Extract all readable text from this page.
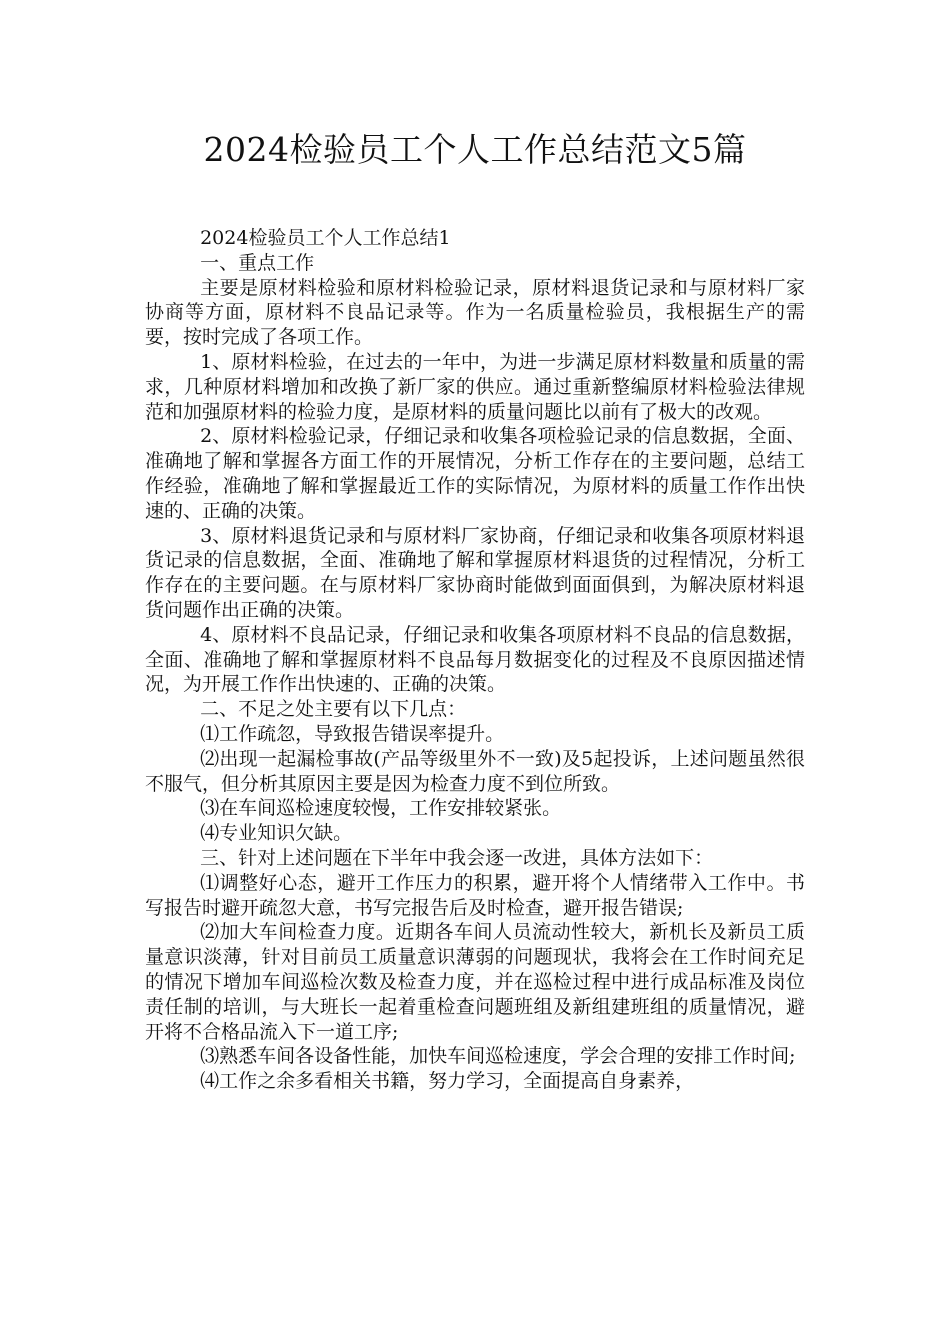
2024检验员工个人工作总结范文5篇

2024检验员工个人工作总结1

一、重点工作

主要是原材料检验和原材料检验记录，原材料退货记录和与原材料厂家协商等方面，原材料不良品记录等。作为一名质量检验员，我根据生产的需要，按时完成了各项工作。

1、原材料检验，在过去的一年中，为进一步满足原材料数量和质量的需求，几种原材料增加和改换了新厂家的供应。通过重新整编原材料检验法律规范和加强原材料的检验力度，是原材料的质量问题比以前有了极大的改观。

2、原材料检验记录，仔细记录和收集各项检验记录的信息数据，全面、准确地了解和掌握各方面工作的开展情况，分析工作存在的主要问题，总结工作经验，准确地了解和掌握最近工作的实际情况，为原材料的质量工作作出快速的、正确的决策。

3、原材料退货记录和与原材料厂家协商，仔细记录和收集各项原材料退货记录的信息数据，全面、准确地了解和掌握原材料退货的过程情况，分析工作存在的主要问题。在与原材料厂家协商时能做到面面俱到，为解决原材料退货问题作出正确的决策。

4、原材料不良品记录，仔细记录和收集各项原材料不良品的信息数据，全面、准确地了解和掌握原材料不良品每月数据变化的过程及不良原因描述情况，为开展工作作出快速的、正确的决策。

二、不足之处主要有以下几点：

⑴工作疏忽，导致报告错误率提升。

⑵出现一起漏检事故(产品等级里外不一致)及5起投诉，上述问题虽然很不服气，但分析其原因主要是因为检查力度不到位所致。

⑶在车间巡检速度较慢，工作安排较紧张。

⑷专业知识欠缺。

三、针对上述问题在下半年中我会逐一改进，具体方法如下：

⑴调整好心态，避开工作压力的积累，避开将个人情绪带入工作中。书写报告时避开疏忽大意，书写完报告后及时检查，避开报告错误;

⑵加大车间检查力度。近期各车间人员流动性较大，新机长及新员工质量意识淡薄，针对目前员工质量意识薄弱的问题现状，我将会在工作时间充足的情况下增加车间巡检次数及检查力度，并在巡检过程中进行成品标准及岗位责任制的培训，与大班长一起着重检查问题班组及新组建班组的质量情况，避开将不合格品流入下一道工序;

⑶熟悉车间各设备性能，加快车间巡检速度，学会合理的安排工作时间;

⑷工作之余多看相关书籍，努力学习，全面提高自身素养，
